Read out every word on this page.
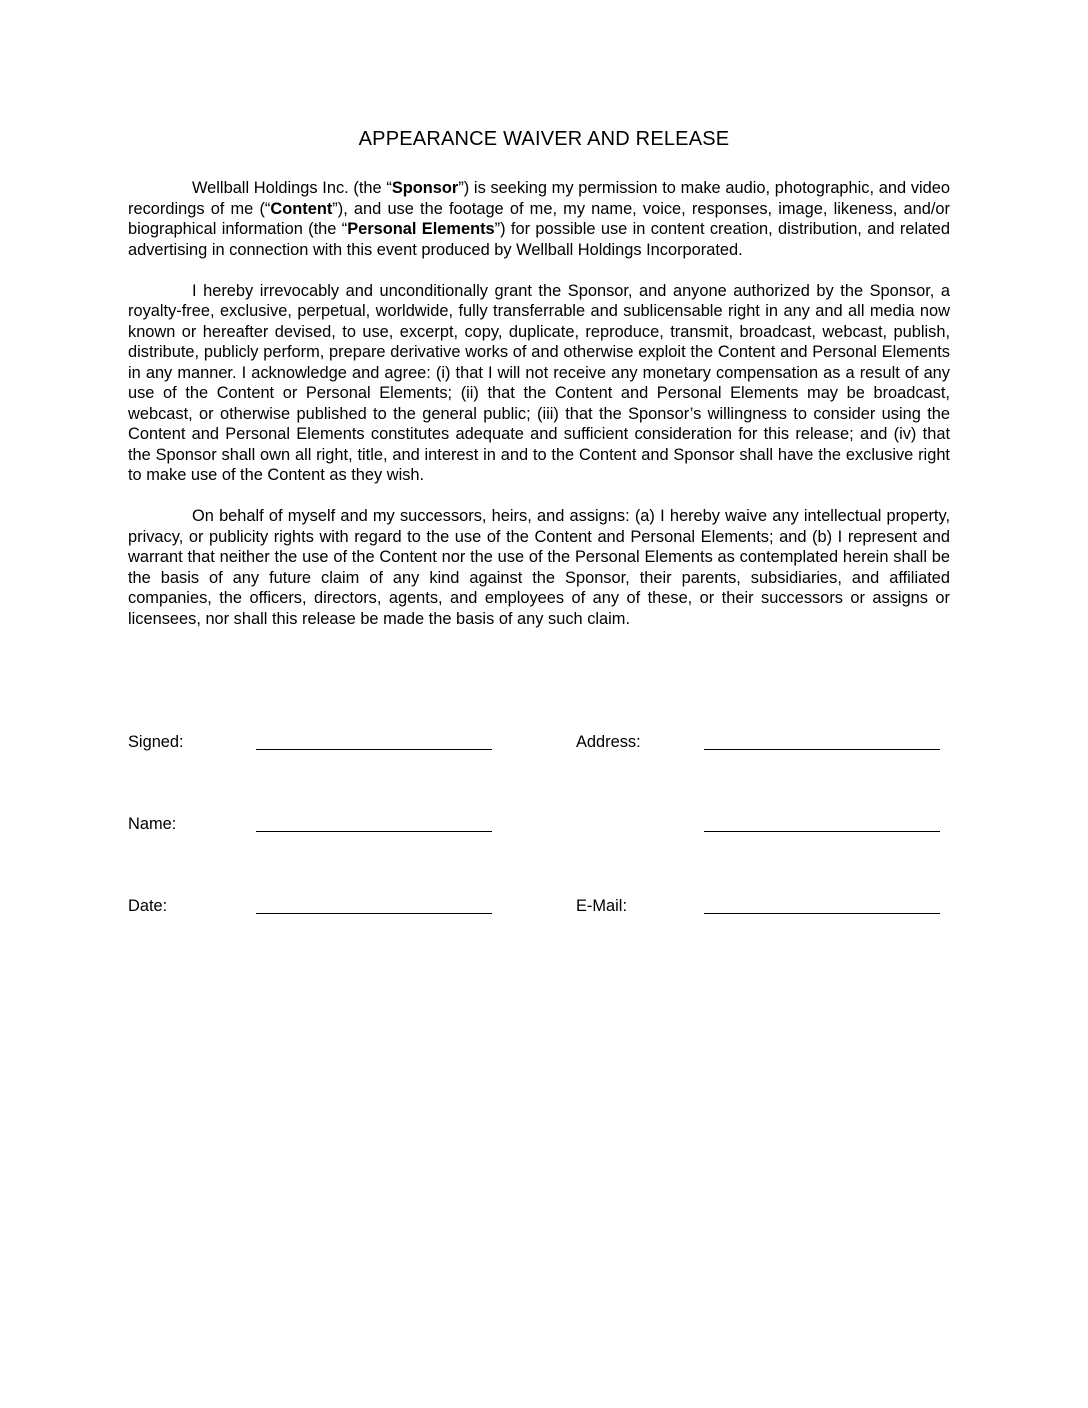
APPEARANCE WAIVER AND RELEASE

Wellball Holdings Inc. (the “Sponsor”) is seeking my permission to make audio, photographic, and video recordings of me (“Content”), and use the footage of me, my name, voice, responses, image, likeness, and/or biographical information (the “Personal Elements”) for possible use in content creation, distribution, and related advertising in connection with this event produced by Wellball Holdings Incorporated.

I hereby irrevocably and unconditionally grant the Sponsor, and anyone authorized by the Sponsor, a royalty-free, exclusive, perpetual, worldwide, fully transferrable and sublicensable right in any and all media now known or hereafter devised, to use, excerpt, copy, duplicate, reproduce, transmit, broadcast, webcast, publish, distribute, publicly perform, prepare derivative works of and otherwise exploit the Content and Personal Elements in any manner. I acknowledge and agree: (i) that I will not receive any monetary compensation as a result of any use of the Content or Personal Elements; (ii) that the Content and Personal Elements may be broadcast, webcast, or otherwise published to the general public; (iii) that the Sponsor’s willingness to consider using the Content and Personal Elements constitutes adequate and sufficient consideration for this release; and (iv) that the Sponsor shall own all right, title, and interest in and to the Content and Sponsor shall have the exclusive right to make use of the Content as they wish.

On behalf of myself and my successors, heirs, and assigns: (a) I hereby waive any intellectual property, privacy, or publicity rights with regard to the use of the Content and Personal Elements; and (b) I represent and warrant that neither the use of the Content nor the use of the Personal Elements as contemplated herein shall be the basis of any future claim of any kind against the Sponsor, their parents, subsidiaries, and affiliated companies, the officers, directors, agents, and employees of any of these, or their successors or assigns or licensees, nor shall this release be made the basis of any such claim.

Signed:	Address:
Name:
Date:	E-Mail:
